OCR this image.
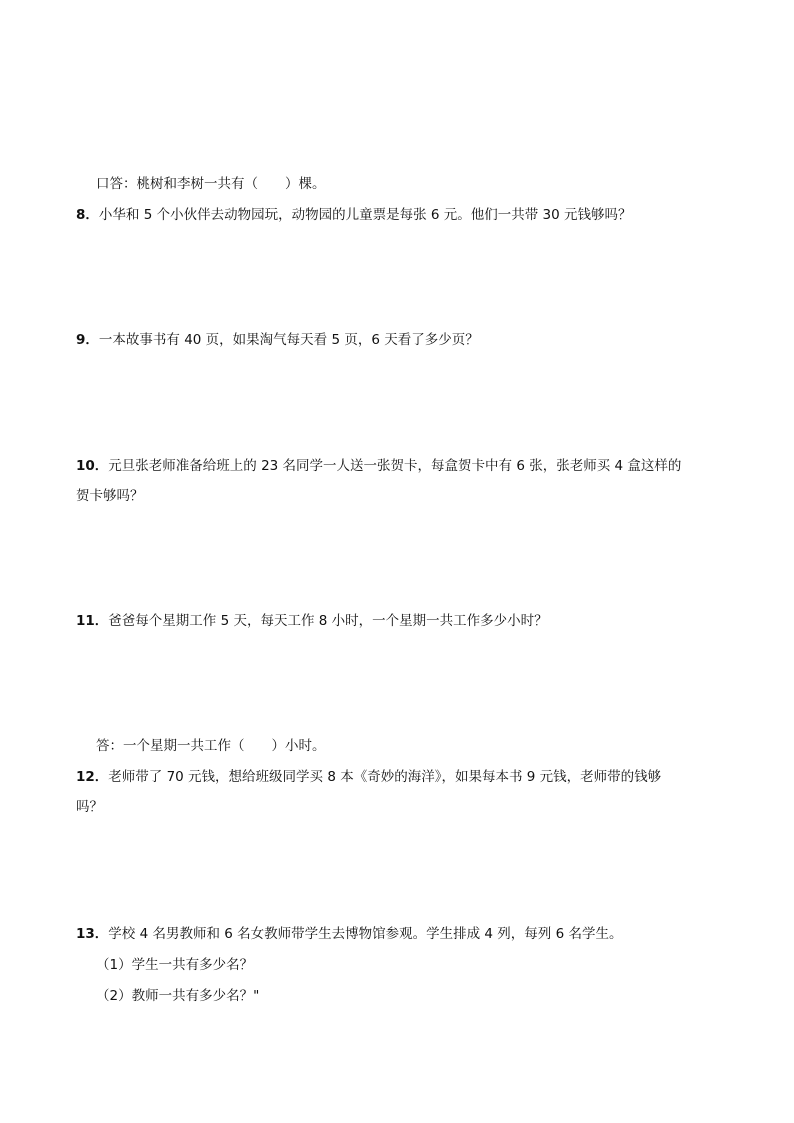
口答：桃树和李树一共有（　　）棵。
8．小华和 5 个小伙伴去动物园玩，动物园的儿童票是每张 6 元。他们一共带 30 元钱够吗？
9．一本故事书有 40 页，如果淘气每天看 5 页，6 天看了多少页？
10．元旦张老师准备给班上的 23 名同学一人送一张贺卡，每盒贺卡中有 6 张，张老师买 4 盒这样的
贺卡够吗？
11．爸爸每个星期工作 5 天，每天工作 8 小时，一个星期一共工作多少小时？
答：一个星期一共工作（　　）小时。
12．老师带了 70 元钱，想给班级同学买 8 本《奇妙的海洋》，如果每本书 9 元钱，老师带的钱够
吗？
13．学校 4 名男教师和 6 名女教师带学生去博物馆参观。学生排成 4 列，每列 6 名学生。
（1）学生一共有多少名？
（2）教师一共有多少名？"
